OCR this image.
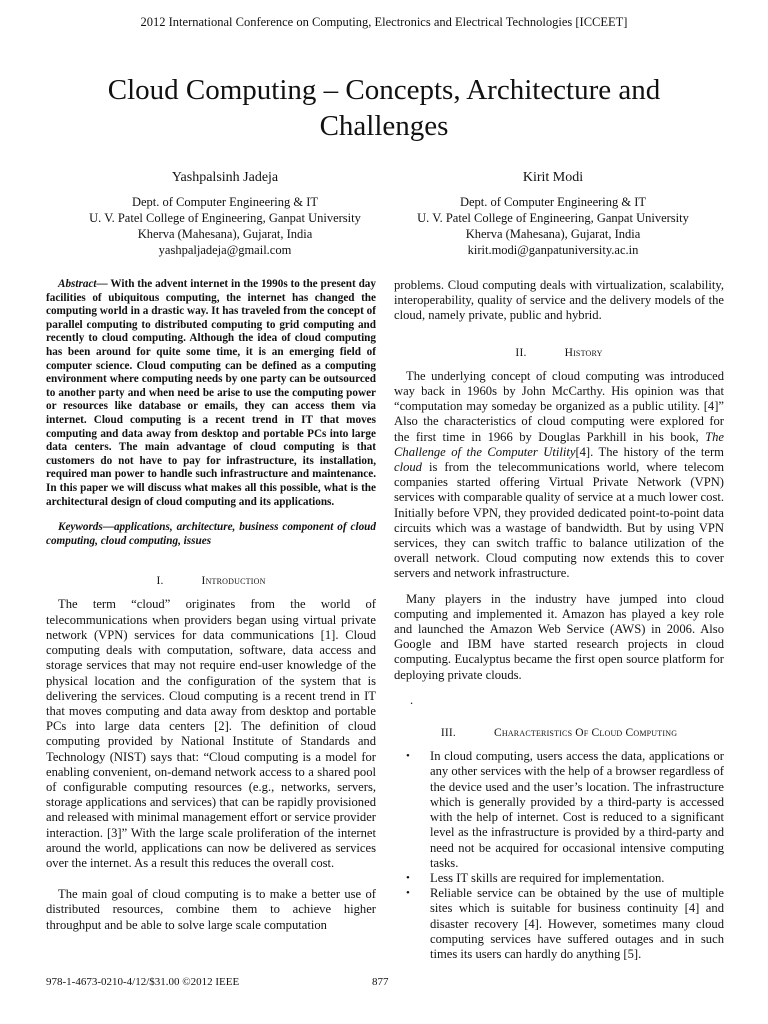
2012 International Conference on Computing, Electronics and Electrical Technologies [ICCEET]
Cloud Computing – Concepts, Architecture and
Challenges
Yashpalsinh Jadeja
Dept. of Computer Engineering & IT
U. V. Patel College of Engineering, Ganpat University
Kherva (Mahesana), Gujarat, India
yashpaljadeja@gmail.com
Kirit Modi
Dept. of Computer Engineering & IT
U. V. Patel College of Engineering, Ganpat University
Kherva (Mahesana), Gujarat, India
kirit.modi@ganpatuniversity.ac.in

Abstract— With the advent internet in the 1990s to the present day facilities of ubiquitous computing, the internet has changed the computing world in a drastic way. It has traveled from the concept of parallel computing to distributed computing to grid computing and recently to cloud computing. Although the idea of cloud computing has been around for quite some time, it is an emerging field of computer science. Cloud computing can be defined as a computing environment where computing needs by one party can be outsourced to another party and when need be arise to use the computing power or resources like database or emails, they can access them via internet. Cloud computing is a recent trend in IT that moves computing and data away from desktop and portable PCs into large data centers. The main advantage of cloud computing is that customers do not have to pay for infrastructure, its installation, required man power to handle such infrastructure and maintenance. In this paper we will discuss what makes all this possible, what is the architectural design of cloud computing and its applications.

Keywords—applications, architecture, business component of cloud computing, cloud computing, issues

I.	Introduction

The term “cloud” originates from the world of telecommunications when providers began using virtual private network (VPN) services for data communications [1]. Cloud computing deals with computation, software, data access and storage services that may not require end-user knowledge of the physical location and the configuration of the system that is delivering the services. Cloud computing is a recent trend in IT that moves computing and data away from desktop and portable PCs into large data centers [2]. The definition of cloud computing provided by National Institute of Standards and Technology (NIST) says that: “Cloud computing is a model for enabling convenient, on-demand network access to a shared pool of configurable computing resources (e.g., networks, servers, storage applications and services) that can be rapidly provisioned and released with minimal management effort or service provider interaction. [3]” With the large scale proliferation of the internet around the world, applications can now be delivered as services over the internet. As a result this reduces the overall cost.

The main goal of cloud computing is to make a better use of distributed resources, combine them to achieve higher throughput and be able to solve large scale computation

problems. Cloud computing deals with virtualization, scalability, interoperability, quality of service and the delivery models of the cloud, namely private, public and hybrid.

II.	History

The underlying concept of cloud computing was introduced way back in 1960s by John McCarthy. His opinion was that “computation may someday be organized as a public utility. [4]” Also the characteristics of cloud computing were explored for the first time in 1966 by Douglas Parkhill in his book, The Challenge of the Computer Utility[4]. The history of the term cloud is from the telecommunications world, where telecom companies started offering Virtual Private Network (VPN) services with comparable quality of service at a much lower cost. Initially before VPN, they provided dedicated point-to-point data circuits which was a wastage of bandwidth. But by using VPN services, they can switch traffic to balance utilization of the overall network. Cloud computing now extends this to cover servers and network infrastructure.

Many players in the industry have jumped into cloud computing and implemented it. Amazon has played a key role and launched the Amazon Web Service (AWS) in 2006. Also Google and IBM have started research projects in cloud computing. Eucalyptus became the first open source platform for deploying private clouds.

.

III.	Characteristics Of Cloud Computing
• In cloud computing, users access the data, applications or any other services with the help of a browser regardless of the device used and the user’s location. The infrastructure which is generally provided by a third-party is accessed with the help of internet. Cost is reduced to a significant level as the infrastructure is provided by a third-party and need not be acquired for occasional intensive computing tasks.
• Less IT skills are required for implementation.
• Reliable service can be obtained by the use of multiple sites which is suitable for business continuity [4] and disaster recovery [4]. However, sometimes many cloud computing services have suffered outages and in such times its users can hardly do anything [5].
978-1-4673-0210-4/12/$31.00 ©2012 IEEE	877
